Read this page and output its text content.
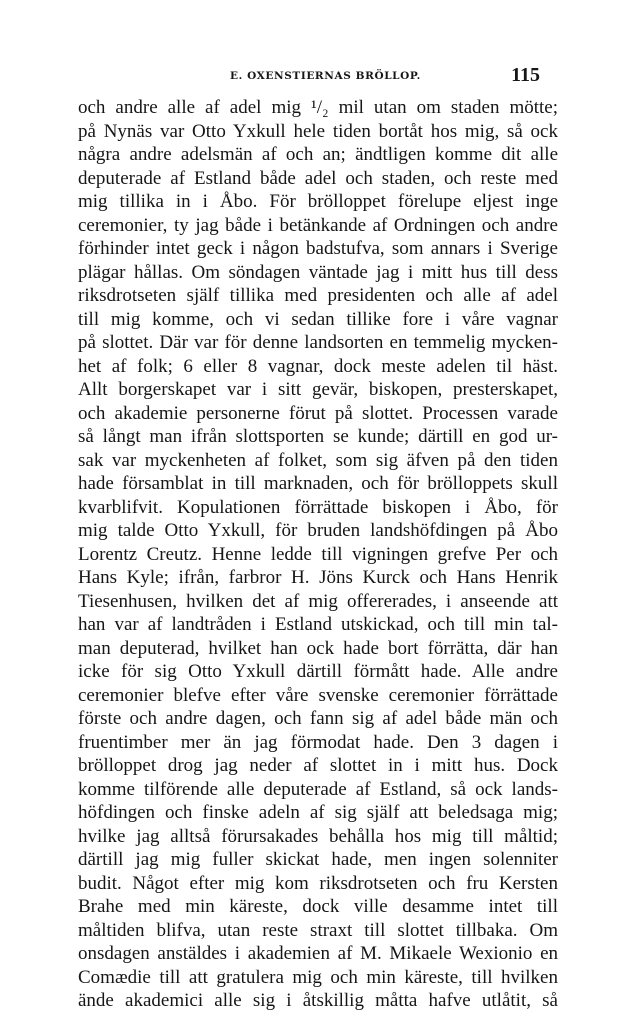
E. OXENSTIERNAS BRÖLLOP.	115
och andre alle af adel mig ¹/₂ mil utan om staden mötte;
på Nynäs var Otto Yxkull hele tiden bortåt hos mig, så ock
några andre adelsmän af och an; ändtligen komme dit alle
deputerade af Estland både adel och staden, och reste med
mig tillika in i Åbo. För brölloppet förelupe eljest inge
ceremonier, ty jag både i betänkande af Ordningen och andre
förhinder intet geck i någon badstufva, som annars i Sverige
plägar hållas. Om söndagen väntade jag i mitt hus till dess
riksdrotseten själf tillika med presidenten och alle af adel
till mig komme, och vi sedan tillike fore i våre vagnar
på slottet. Där var för denne landsorten en temmelig mycken-
het af folk; 6 eller 8 vagnar, dock meste adelen til häst.
Allt borgerskapet var i sitt gevär, biskopen, presterskapet,
och akademie personerne förut på slottet. Processen varade
så långt man ifrån slottsporten se kunde; därtill en god ur-
sak var myckenheten af folket, som sig äfven på den tiden
hade församblat in till marknaden, och för brölloppets skull
kvarblifvit. Kopulationen förrättade biskopen i Åbo, för
mig talde Otto Yxkull, för bruden landshöfdingen på Åbo
Lorentz Creutz. Henne ledde till vigningen grefve Per och
Hans Kyle; ifrån, farbror H. Jöns Kurck och Hans Henrik
Tiesenhusen, hvilken det af mig offererades, i anseende att
han var af landtråden i Estland utskickad, och till min tal-
man deputerad, hvilket han ock hade bort förrätta, där han
icke för sig Otto Yxkull därtill förmått hade. Alle andre
ceremonier blefve efter våre svenske ceremonier förrättade
förste och andre dagen, och fann sig af adel både män och
fruentimber mer än jag förmodat hade. Den 3 dagen i
brölloppet drog jag neder af slottet in i mitt hus. Dock
komme tilförende alle deputerade af Estland, så ock lands-
höfdingen och finske adeln af sig själf att beledsaga mig;
hvilke jag alltså förursakades behålla hos mig till måltid;
därtill jag mig fuller skickat hade, men ingen solenniter
budit. Något efter mig kom riksdrotseten och fru Kersten
Brahe med min käreste, dock ville desamme intet till
måltiden blifva, utan reste straxt till slottet tillbaka. Om
onsdagen anstäldes i akademien af M. Mikaele Wexionio en
Comædie till att gratulera mig och min käreste, till hvilken
ände akademici alle sig i åtskillig måtta hafve utlåtit, så
